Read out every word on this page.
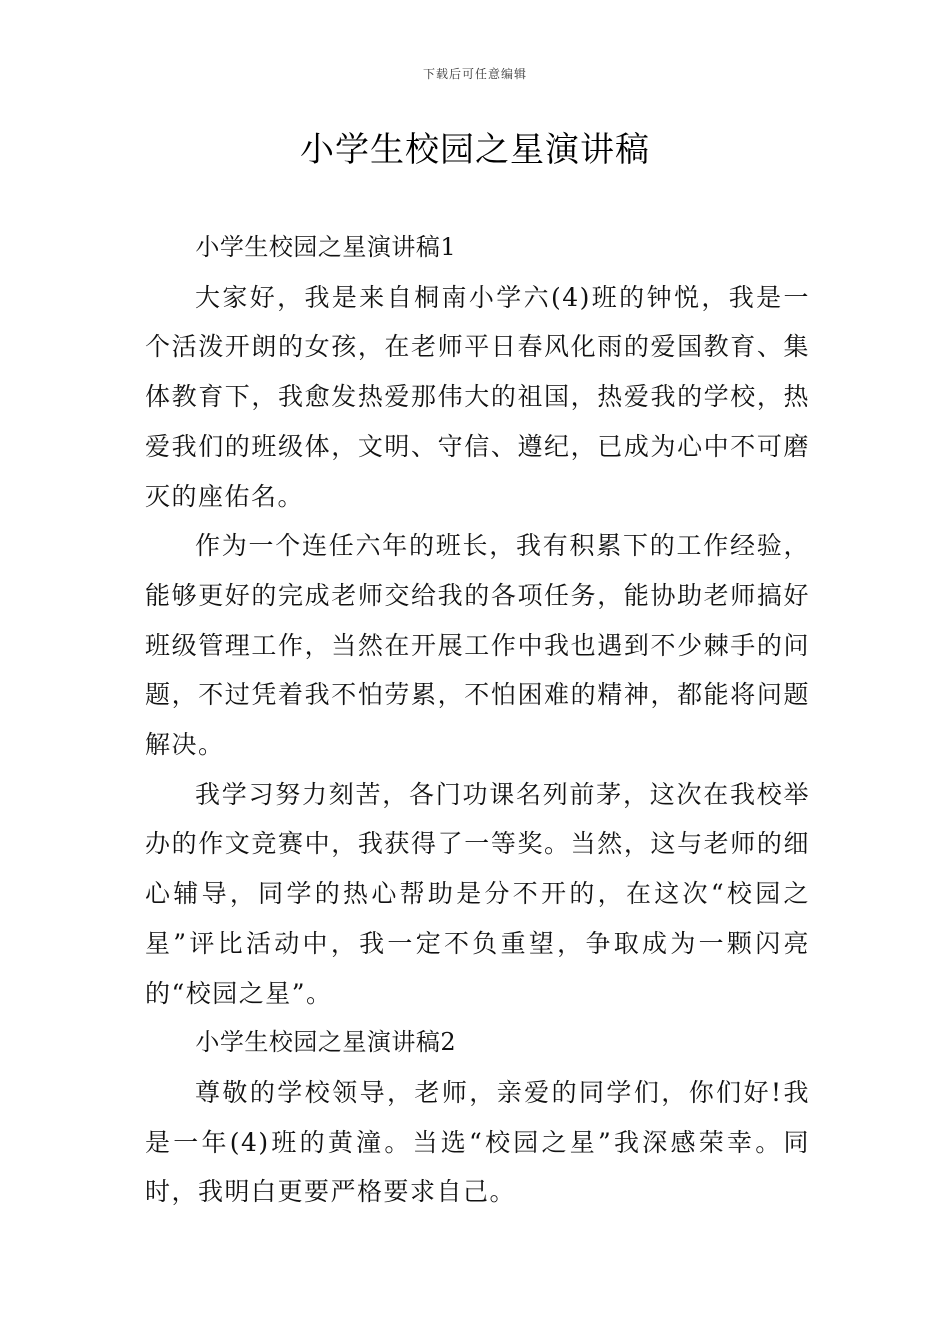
下载后可任意编辑
小学生校园之星演讲稿

小学生校园之星演讲稿1

大家好，我是来自桐南小学六(4)班的钟悦，我是一个活泼开朗的女孩，在老师平日春风化雨的爱国教育、集体教育下，我愈发热爱那伟大的祖国，热爱我的学校，热爱我们的班级体，文明、守信、遵纪，已成为心中不可磨灭的座佑名。

作为一个连任六年的班长，我有积累下的工作经验，能够更好的完成老师交给我的各项任务，能协助老师搞好班级管理工作，当然在开展工作中我也遇到不少棘手的问题，不过凭着我不怕劳累，不怕困难的精神，都能将问题解决。

我学习努力刻苦，各门功课名列前茅，这次在我校举办的作文竞赛中，我获得了一等奖。当然，这与老师的细心辅导，同学的热心帮助是分不开的，在这次“校园之星”评比活动中，我一定不负重望，争取成为一颗闪亮的“校园之星”。

小学生校园之星演讲稿2

尊敬的学校领导，老师，亲爱的同学们，你们好!我是一年(4)班的黄潼。当选“校园之星”我深感荣幸。同时，我明白更要严格要求自己。
